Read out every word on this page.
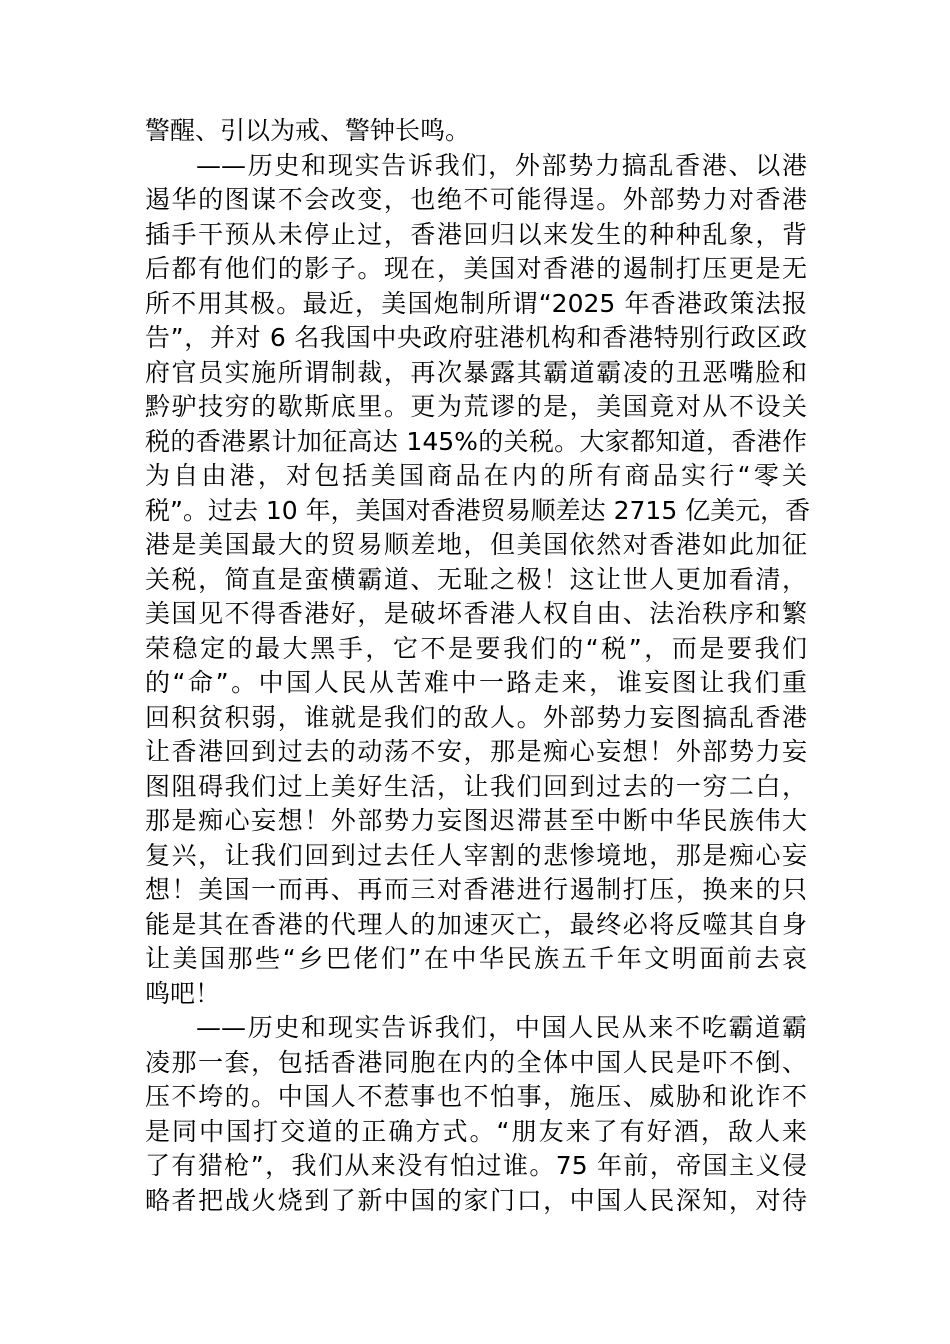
警醒、引以为戒、警钟长鸣。
——历史和现实告诉我们，外部势力搞乱香港、以港
遏华的图谋不会改变，也绝不可能得逞。外部势力对香港
插手干预从未停止过，香港回归以来发生的种种乱象，背
后都有他们的影子。现在，美国对香港的遏制打压更是无
所不用其极。最近，美国炮制所谓“2025 年香港政策法报
告”，并对 6 名我国中央政府驻港机构和香港特别行政区政
府官员实施所谓制裁，再次暴露其霸道霸凌的丑恶嘴脸和
黔驴技穷的歇斯底里。更为荒谬的是，美国竟对从不设关
税的香港累计加征高达 145%的关税。大家都知道，香港作
为自由港，对包括美国商品在内的所有商品实行“零关
税”。过去 10 年，美国对香港贸易顺差达 2715 亿美元，香
港是美国最大的贸易顺差地，但美国依然对香港如此加征
关税，简直是蛮横霸道、无耻之极！这让世人更加看清，
美国见不得香港好，是破坏香港人权自由、法治秩序和繁
荣稳定的最大黑手，它不是要我们的“税”，而是要我们
的“命”。中国人民从苦难中一路走来，谁妄图让我们重
回积贫积弱，谁就是我们的敌人。外部势力妄图搞乱香港
让香港回到过去的动荡不安，那是痴心妄想！外部势力妄
图阻碍我们过上美好生活，让我们回到过去的一穷二白，
那是痴心妄想！外部势力妄图迟滞甚至中断中华民族伟大
复兴，让我们回到过去任人宰割的悲惨境地，那是痴心妄
想！美国一而再、再而三对香港进行遏制打压，换来的只
能是其在香港的代理人的加速灭亡，最终必将反噬其自身
让美国那些“乡巴佬们”在中华民族五千年文明面前去哀
鸣吧！
——历史和现实告诉我们，中国人民从来不吃霸道霸
凌那一套，包括香港同胞在内的全体中国人民是吓不倒、
压不垮的。中国人不惹事也不怕事，施压、威胁和讹诈不
是同中国打交道的正确方式。“朋友来了有好酒，敌人来
了有猎枪”，我们从来没有怕过谁。75 年前，帝国主义侵
略者把战火烧到了新中国的家门口，中国人民深知，对待
